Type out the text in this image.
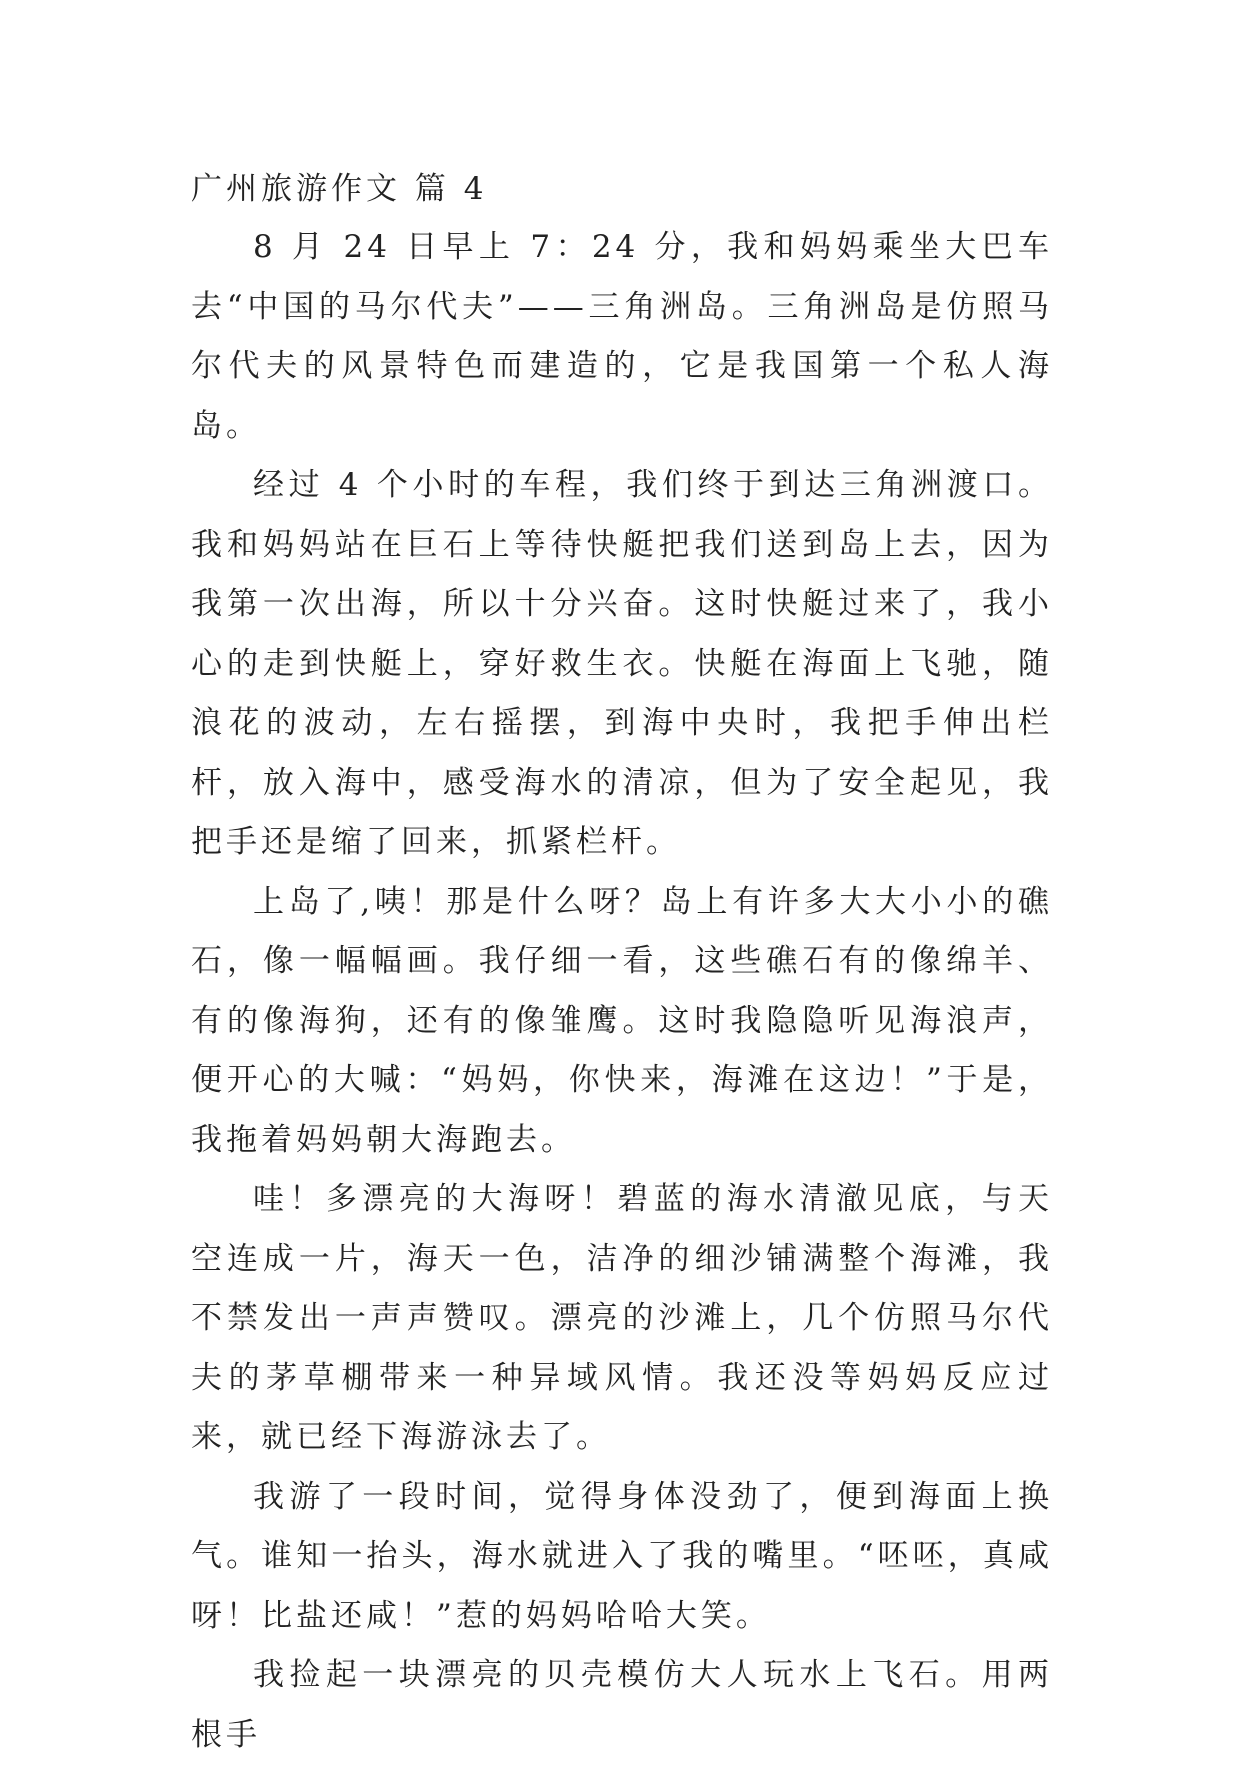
广州旅游作文 篇 4

8 月 24 日早上 7：24 分，我和妈妈乘坐大巴车去“中国的马尔代夫”——三角洲岛。三角洲岛是仿照马尔代夫的风景特色而建造的，它是我国第一个私人海岛。

经过 4 个小时的车程，我们终于到达三角洲渡口。我和妈妈站在巨石上等待快艇把我们送到岛上去，因为我第一次出海，所以十分兴奋。这时快艇过来了，我小心的走到快艇上，穿好救生衣。快艇在海面上飞驰，随浪花的波动，左右摇摆，到海中央时，我把手伸出栏杆，放入海中，感受海水的清凉，但为了安全起见，我把手还是缩了回来，抓紧栏杆。

上岛了,咦！那是什么呀？岛上有许多大大小小的礁石，像一幅幅画。我仔细一看，这些礁石有的像绵羊、有的像海狗，还有的像雏鹰。这时我隐隐听见海浪声，便开心的大喊：“妈妈，你快来，海滩在这边！”于是，我拖着妈妈朝大海跑去。

哇！多漂亮的大海呀！碧蓝的海水清澈见底，与天空连成一片，海天一色，洁净的细沙铺满整个海滩，我不禁发出一声声赞叹。漂亮的沙滩上，几个仿照马尔代夫的茅草棚带来一种异域风情。我还没等妈妈反应过来，就已经下海游泳去了。

我游了一段时间，觉得身体没劲了，便到海面上换气。谁知一抬头，海水就进入了我的嘴里。“呸呸，真咸呀！比盐还咸！”惹的妈妈哈哈大笑。

我捡起一块漂亮的贝壳模仿大人玩水上飞石。用两根手
